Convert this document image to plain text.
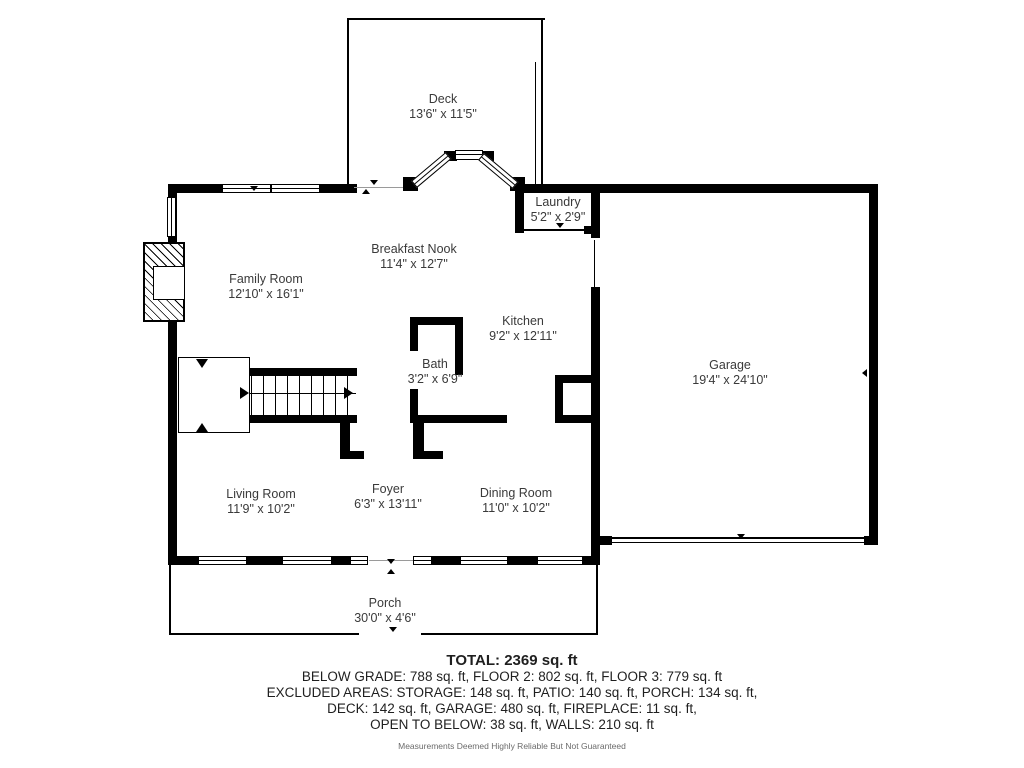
Deck
13'6" x 11'5"
Laundry
5'2" x 2'9"
Breakfast Nook
11'4" x 12'7"
Family Room
12'10" x 16'1"
Kitchen
9'2" x 12'11"
Bath
3'2" x 6'9"
Garage
19'4" x 24'10"
Living Room
11'9" x 10'2"
Foyer
6'3" x 13'11"
Dining Room
11'0" x 10'2"
Porch
30'0" x 4'6"
TOTAL: 2369 sq. ft
BELOW GRADE: 788 sq. ft, FLOOR 2: 802 sq. ft, FLOOR 3: 779 sq. ft
EXCLUDED AREAS: STORAGE: 148 sq. ft, PATIO: 140 sq. ft, PORCH: 134 sq. ft,
DECK: 142 sq. ft, GARAGE: 480 sq. ft, FIREPLACE: 11 sq. ft,
OPEN TO BELOW: 38 sq. ft, WALLS: 210 sq. ft
Measurements Deemed Highly Reliable But Not Guaranteed
